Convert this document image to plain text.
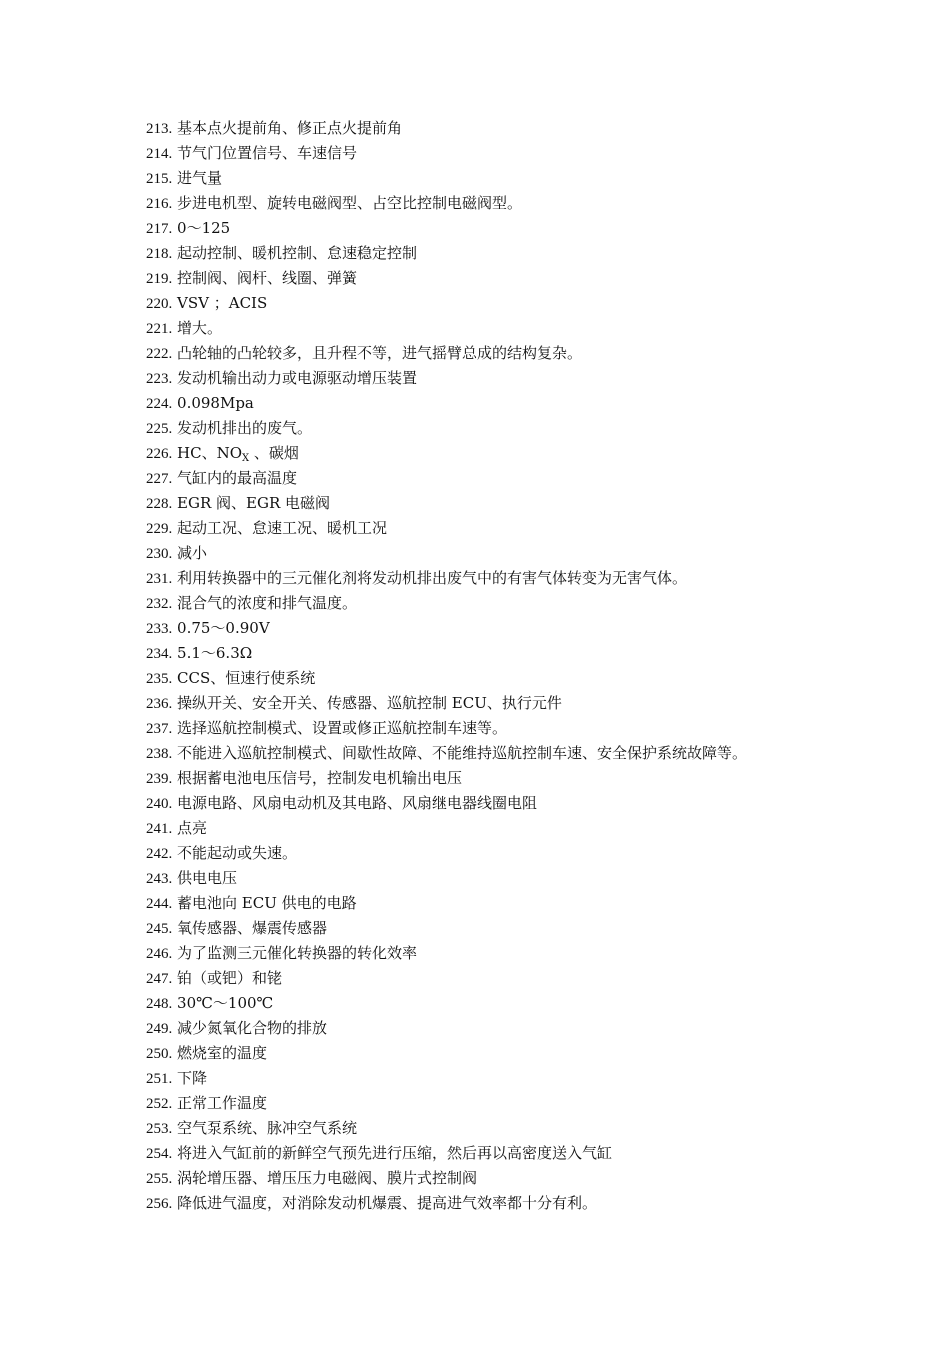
213. 基本点火提前角、修正点火提前角
214. 节气门位置信号、车速信号
215. 进气量
216. 步进电机型、旋转电磁阀型、占空比控制电磁阀型。
217. 0～125
218. 起动控制、暖机控制、怠速稳定控制
219. 控制阀、阀杆、线圈、弹簧
220. VSV ；ACIS
221. 增大。
222. 凸轮轴的凸轮较多，且升程不等，进气摇臂总成的结构复杂。
223. 发动机输出动力或电源驱动增压装置
224. 0.098Mpa
225. 发动机排出的废气。
226. HC、$NO_X$ 、碳烟
227. 气缸内的最高温度
228. EGR 阀、EGR 电磁阀
229. 起动工况、怠速工况、暖机工况
230. 减小
231. 利用转换器中的三元催化剂将发动机排出废气中的有害气体转变为无害气体。
232. 混合气的浓度和排气温度。
233. 0.75～0.90V
234. 5.1～6.3Ω
235. CCS、恒速行使系统
236. 操纵开关、安全开关、传感器、巡航控制 ECU、执行元件
237. 选择巡航控制模式、设置或修正巡航控制车速等。
238. 不能进入巡航控制模式、间歇性故障、不能维持巡航控制车速、安全保护系统故障等。
239. 根据蓄电池电压信号，控制发电机输出电压
240. 电源电路、风扇电动机及其电路、风扇继电器线圈电阻
241. 点亮
242. 不能起动或失速。
243. 供电电压
244. 蓄电池向 ECU 供电的电路
245. 氧传感器、爆震传感器
246. 为了监测三元催化转换器的转化效率
247. 铂（或钯）和铑
248. 30℃～100℃
249. 减少氮氧化合物的排放
250. 燃烧室的温度
251. 下降
252. 正常工作温度
253. 空气泵系统、脉冲空气系统
254. 将进入气缸前的新鲜空气预先进行压缩，然后再以高密度送入气缸
255. 涡轮增压器、增压压力电磁阀、膜片式控制阀
256. 降低进气温度，对消除发动机爆震、提高进气效率都十分有利。
